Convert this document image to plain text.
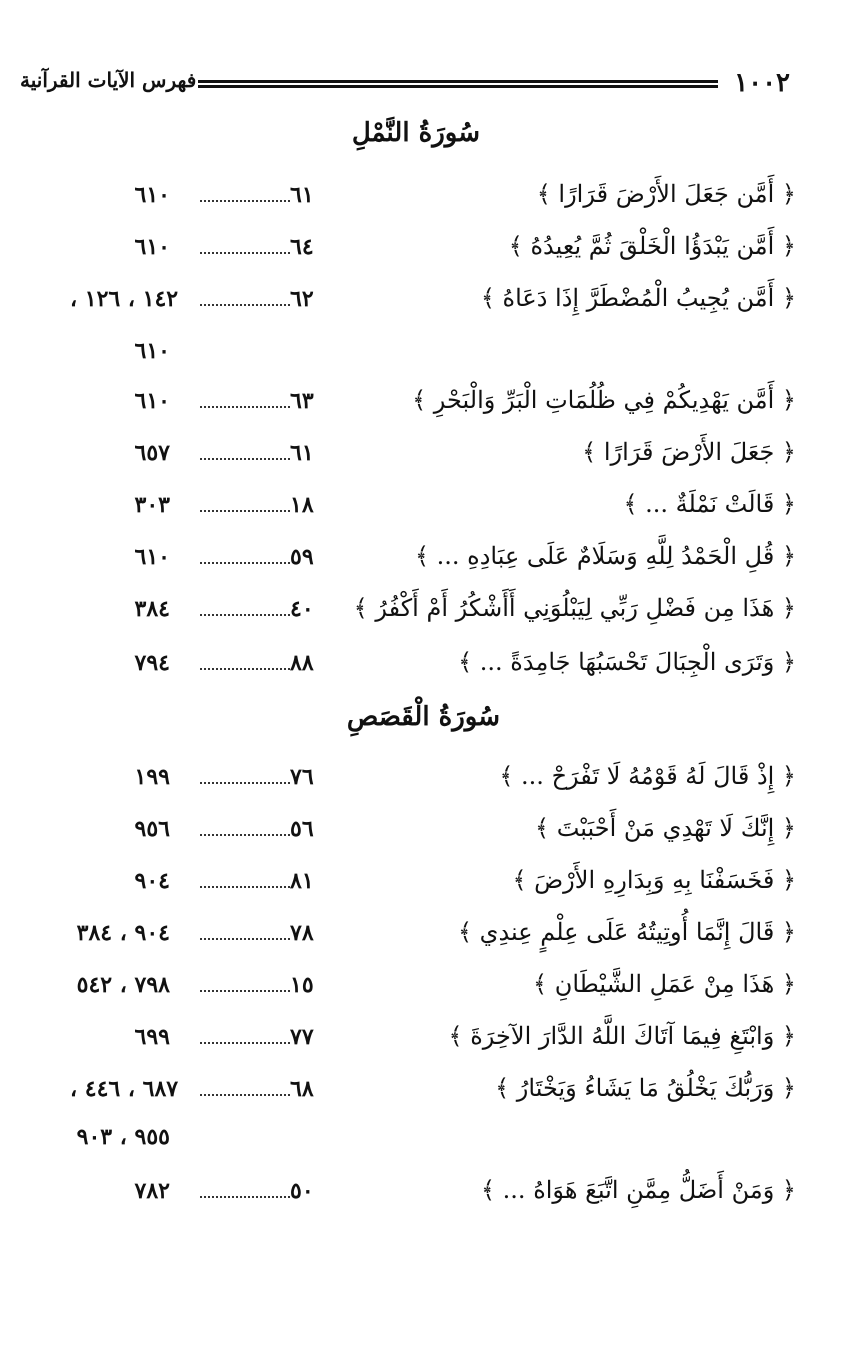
١٠٠٢
فهرس الآيات القرآنية
سُورَةُ النَّمْلِ
﴿ أَمَّن جَعَلَ الأَرْضَ قَرَارًا ﴾
٦١
٦١٠
﴿ أَمَّن يَبْدَؤُا الْخَلْقَ ثُمَّ يُعِيدُهُ ﴾
٦٤
٦١٠
﴿ أَمَّن يُجِيبُ الْمُضْطَرَّ إِذَا دَعَاهُ ﴾
٦٢
١٤٢ ، ١٢٦ ،
٦١٠
﴿ أَمَّن يَهْدِيكُمْ فِي ظُلُمَاتِ الْبَرِّ وَالْبَحْرِ ﴾
٦٣
٦١٠
﴿ جَعَلَ الأَرْضَ قَرَارًا ﴾
٦١
٦٥٧
﴿ قَالَتْ نَمْلَةٌ ... ﴾
١٨
٣٠٣
﴿ قُلِ الْحَمْدُ لِلَّهِ وَسَلَامٌ عَلَى عِبَادِهِ ... ﴾
٥٩
٦١٠
﴿ هَذَا مِن فَضْلِ رَبِّي لِيَبْلُوَنِي أَأَشْكُرُ أَمْ أَكْفُرُ ﴾
٤٠
٣٨٤
﴿ وَتَرَى الْجِبَالَ تَحْسَبُهَا جَامِدَةً ... ﴾
٨٨
٧٩٤
سُورَةُ الْقَصَصِ
﴿ إِذْ قَالَ لَهُ قَوْمُهُ لَا تَفْرَحْ ... ﴾
٧٦
١٩٩
﴿ إِنَّكَ لَا تَهْدِي مَنْ أَحْبَبْتَ ﴾
٥٦
٩٥٦
﴿ فَخَسَفْنَا بِهِ وَبِدَارِهِ الأَرْضَ ﴾
٨١
٩٠٤
﴿ قَالَ إِنَّمَا أُوتِيتُهُ عَلَى عِلْمٍ عِندِي ﴾
٧٨
٩٠٤ ، ٣٨٤
﴿ هَذَا مِنْ عَمَلِ الشَّيْطَانِ ﴾
١٥
٧٩٨ ، ٥٤٢
﴿ وَابْتَغِ فِيمَا آتَاكَ اللَّهُ الدَّارَ الآخِرَةَ ﴾
٧٧
٦٩٩
﴿ وَرَبُّكَ يَخْلُقُ مَا يَشَاءُ وَيَخْتَارُ ﴾
٦٨
٦٨٧ ، ٤٤٦ ،
٩٥٥ ، ٩٠٣
﴿ وَمَنْ أَضَلُّ مِمَّنِ اتَّبَعَ هَوَاهُ ... ﴾
٥٠
٧٨٢
